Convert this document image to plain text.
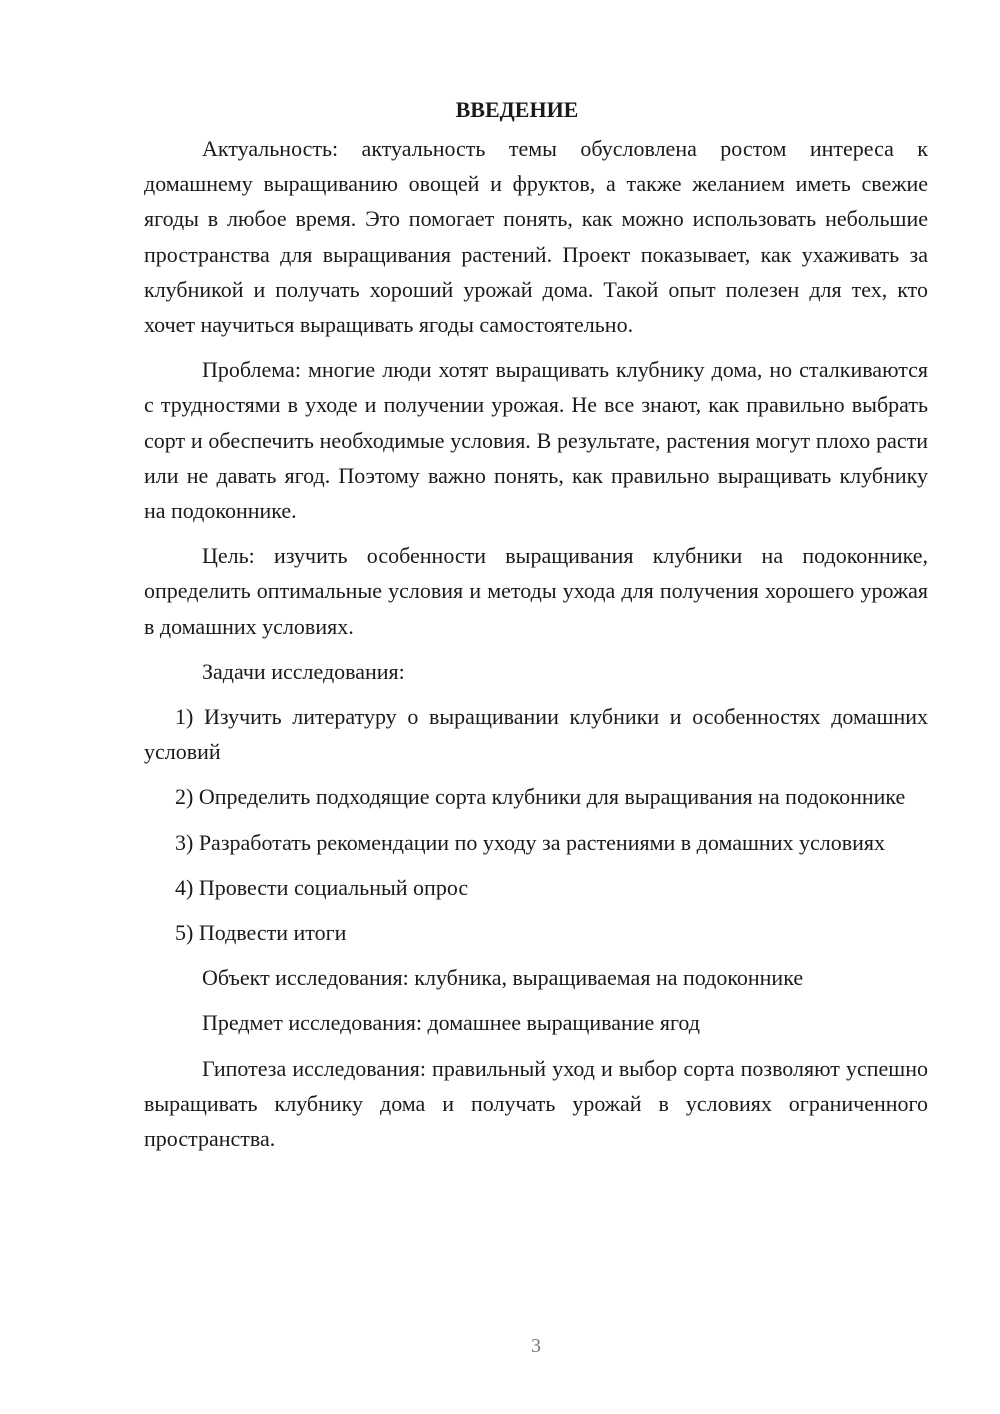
ВВЕДЕНИЕ

Актуальность: актуальность темы обусловлена ростом интереса к домашнему выращиванию овощей и фруктов, а также желанием иметь свежие ягоды в любое время. Это помогает понять, как можно использовать небольшие пространства для выращивания растений. Проект показывает, как ухаживать за клубникой и получать хороший урожай дома. Такой опыт полезен для тех, кто хочет научиться выращивать ягоды самостоятельно.

Проблема: многие люди хотят выращивать клубнику дома, но сталкиваются с трудностями в уходе и получении урожая. Не все знают, как правильно выбрать сорт и обеспечить необходимые условия. В результате, растения могут плохо расти или не давать ягод. Поэтому важно понять, как правильно выращивать клубнику на подоконнике.

Цель: изучить особенности выращивания клубники на подоконнике, определить оптимальные условия и методы ухода для получения хорошего урожая в домашних условиях.

Задачи исследования:

1) Изучить литературу о выращивании клубники и особенностях домашних условий

2) Определить подходящие сорта клубники для выращивания на подоконнике

3) Разработать рекомендации по уходу за растениями в домашних условиях

4) Провести социальный опрос

5) Подвести итоги

Объект исследования: клубника, выращиваемая на подоконнике

Предмет исследования: домашнее выращивание ягод

Гипотеза исследования: правильный уход и выбор сорта позволяют успешно выращивать клубнику дома и получать урожай в условиях ограниченного пространства.

3
